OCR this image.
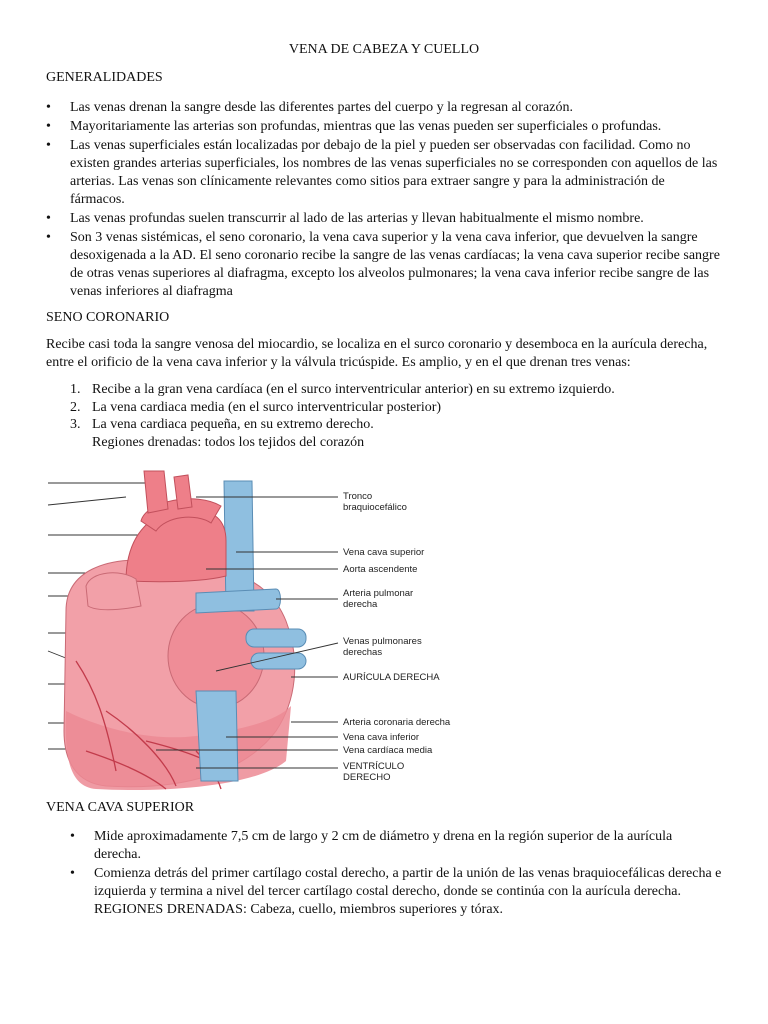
VENA DE CABEZA Y CUELLO
GENERALIDADES
• Las venas drenan la sangre desde las diferentes partes del cuerpo y la regresan al corazón.
• Mayoritariamente las arterias son profundas, mientras que las venas pueden ser superficiales o profundas.
• Las venas superficiales están localizadas por debajo de la piel y pueden ser observadas con facilidad. Como no existen grandes arterias superficiales, los nombres de las venas superficiales no se corresponden con aquellos de las arterias. Las venas son clínicamente relevantes como sitios para extraer sangre y para la administración de fármacos.
• Las venas profundas suelen transcurrir al lado de las arterias y llevan habitualmente el mismo nombre.
• Son 3 venas sistémicas, el seno coronario, la vena cava superior y la vena cava inferior, que devuelven la sangre desoxigenada a la AD. El seno coronario recibe la sangre de las venas cardíacas; la vena cava superior recibe sangre de otras venas superiores al diafragma, excepto los alveolos pulmonares; la vena cava inferior recibe sangre de las venas inferiores al diafragma
SENO CORONARIO
Recibe casi toda la sangre venosa del miocardio, se localiza en el surco coronario y desemboca en la aurícula derecha, entre el orificio de la vena cava inferior y la válvula tricúspide. Es amplio, y en el que drenan tres venas:
1. Recibe a la gran vena cardíaca (en el surco interventricular anterior) en su extremo izquierdo.
2. La vena cardiaca media (en el surco interventricular posterior)
3. La vena cardiaca pequeña, en su extremo derecho.
Regiones drenadas: todos los tejidos del corazón
Tronco braquiocefálico
Vena cava superior
Aorta ascendente
Arteria pulmonar derecha
Venas pulmonares derechas
AURÍCULA DERECHA
Arteria coronaria derecha
Vena cava inferior
Vena cardíaca media
VENTRÍCULO DERECHO
VENA CAVA SUPERIOR
• Mide aproximadamente 7,5 cm de largo y 2 cm de diámetro y drena en la región superior de la aurícula derecha.
• Comienza detrás del primer cartílago costal derecho, a partir de la unión de las venas braquiocefálicas derecha e izquierda y termina a nivel del tercer cartílago costal derecho, donde se continúa con la aurícula derecha.
REGIONES DRENADAS: Cabeza, cuello, miembros superiores y tórax.
